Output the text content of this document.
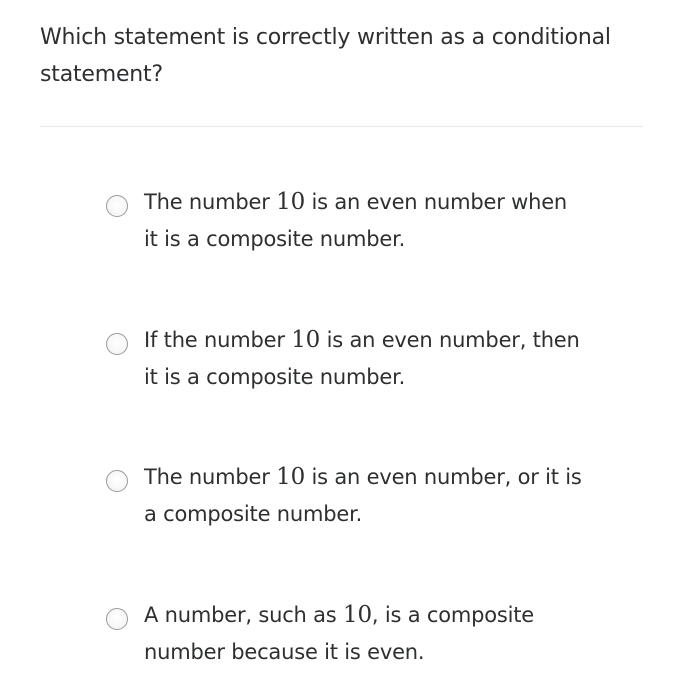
Which statement is correctly written as a conditional statement?
The number 10 is an even number when it is a composite number.
If the number 10 is an even number, then it is a composite number.
The number 10 is an even number, or it is a composite number.
A number, such as 10, is a composite number because it is even.
